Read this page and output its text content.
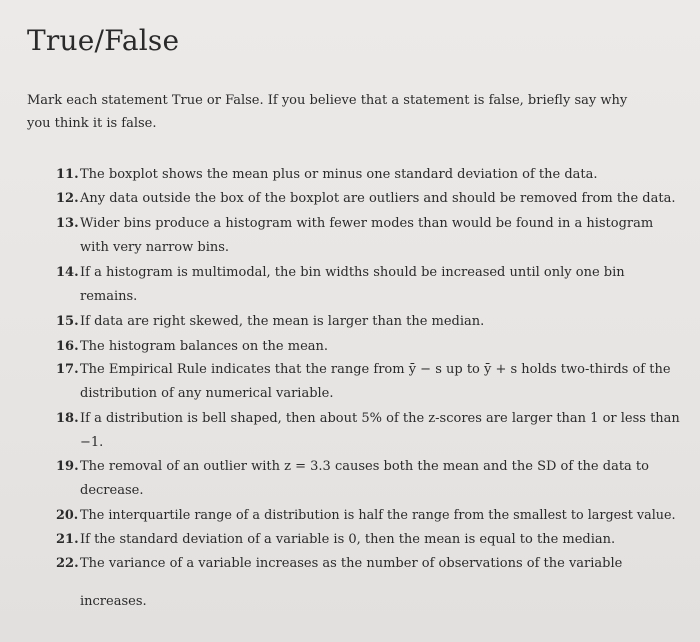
True/False

Mark each statement True or False. If you believe that a statement is false, briefly say why you think it is false.

11.The boxplot shows the mean plus or minus one standard deviation of the data.
12.Any data outside the box of the boxplot are outliers and should be removed from the data.
13.Wider bins produce a histogram with fewer modes than would be found in a histogram
with very narrow bins.
14.If a histogram is multimodal, the bin widths should be increased until only one bin
remains.
15.If data are right skewed, the mean is larger than the median.
16.The histogram balances on the mean.
17.The Empirical Rule indicates that the range from ȳ − s up to ȳ + s holds two-thirds of the
distribution of any numerical variable.
18.If a distribution is bell shaped, then about 5% of the z-scores are larger than 1 or less than
−1.
19.The removal of an outlier with z = 3.3 causes both the mean and the SD of the data to
decrease.
20. The interquartile range of a distribution is half the range from the smallest to largest value.
21.If the standard deviation of a variable is 0, then the mean is equal to the median.
22.The variance of a variable increases as the number of observations of the variable
increases.
